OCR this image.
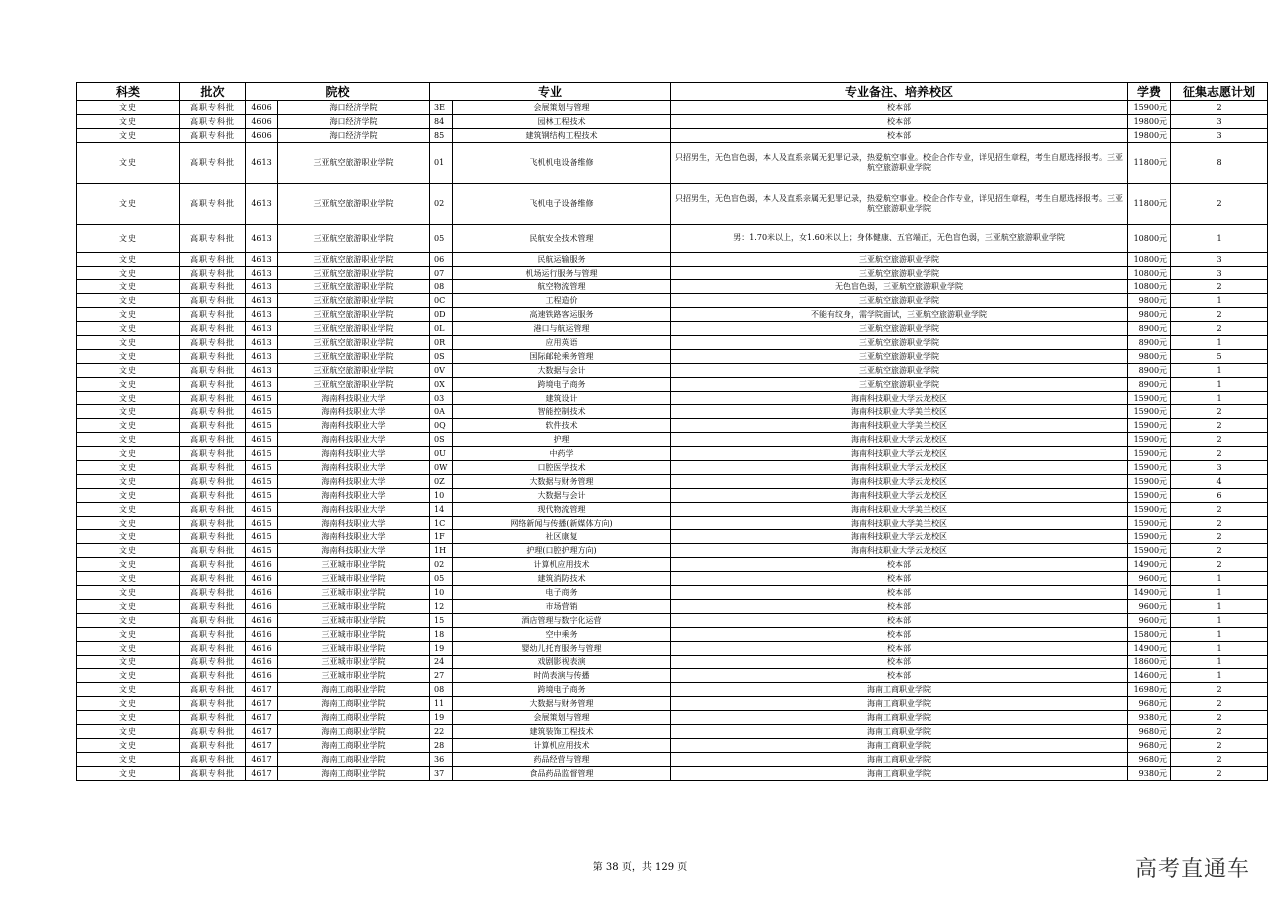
科类	批次	院校		专业		专业备注、培养校区	学费	征集志愿计划
文史	高职专科批	4606	海口经济学院	3E	会展策划与管理	校本部	15900元	2
文史	高职专科批	4606	海口经济学院	84	园林工程技术	校本部	19800元	3
文史	高职专科批	4606	海口经济学院	85	建筑钢结构工程技术	校本部	19800元	3
文史	高职专科批	4613	三亚航空旅游职业学院	01	飞机机电设备维修	只招男生，无色盲色弱，本人及直系亲属无犯罪记录，热爱航空事业。校企合作专业，详见招生章程，考生自愿选择报考。三亚航空旅游职业学院	11800元	8
文史	高职专科批	4613	三亚航空旅游职业学院	02	飞机电子设备维修	只招男生，无色盲色弱，本人及直系亲属无犯罪记录，热爱航空事业。校企合作专业，详见招生章程，考生自愿选择报考。三亚航空旅游职业学院	11800元	2
文史	高职专科批	4613	三亚航空旅游职业学院	05	民航安全技术管理	男：1.70米以上，女1.60米以上；身体健康、五官端正，无色盲色弱，三亚航空旅游职业学院	10800元	1
文史	高职专科批	4613	三亚航空旅游职业学院	06	民航运输服务	三亚航空旅游职业学院	10800元	3
文史	高职专科批	4613	三亚航空旅游职业学院	07	机场运行服务与管理	三亚航空旅游职业学院	10800元	3
文史	高职专科批	4613	三亚航空旅游职业学院	08	航空物流管理	无色盲色弱，三亚航空旅游职业学院	10800元	2
文史	高职专科批	4613	三亚航空旅游职业学院	0C	工程造价	三亚航空旅游职业学院	9800元	1
文史	高职专科批	4613	三亚航空旅游职业学院	0D	高速铁路客运服务	不能有纹身，需学院面试，三亚航空旅游职业学院	9800元	2
文史	高职专科批	4613	三亚航空旅游职业学院	0L	港口与航运管理	三亚航空旅游职业学院	8900元	2
文史	高职专科批	4613	三亚航空旅游职业学院	0R	应用英语	三亚航空旅游职业学院	8900元	1
文史	高职专科批	4613	三亚航空旅游职业学院	0S	国际邮轮乘务管理	三亚航空旅游职业学院	9800元	5
文史	高职专科批	4613	三亚航空旅游职业学院	0V	大数据与会计	三亚航空旅游职业学院	8900元	1
文史	高职专科批	4613	三亚航空旅游职业学院	0X	跨境电子商务	三亚航空旅游职业学院	8900元	1
文史	高职专科批	4615	海南科技职业大学	03	建筑设计	海南科技职业大学云龙校区	15900元	1
文史	高职专科批	4615	海南科技职业大学	0A	智能控制技术	海南科技职业大学美兰校区	15900元	2
文史	高职专科批	4615	海南科技职业大学	0Q	软件技术	海南科技职业大学美兰校区	15900元	2
文史	高职专科批	4615	海南科技职业大学	0S	护理	海南科技职业大学云龙校区	15900元	2
文史	高职专科批	4615	海南科技职业大学	0U	中药学	海南科技职业大学云龙校区	15900元	2
文史	高职专科批	4615	海南科技职业大学	0W	口腔医学技术	海南科技职业大学云龙校区	15900元	3
文史	高职专科批	4615	海南科技职业大学	0Z	大数据与财务管理	海南科技职业大学云龙校区	15900元	4
文史	高职专科批	4615	海南科技职业大学	10	大数据与会计	海南科技职业大学云龙校区	15900元	6
文史	高职专科批	4615	海南科技职业大学	14	现代物流管理	海南科技职业大学美兰校区	15900元	2
文史	高职专科批	4615	海南科技职业大学	1C	网络新闻与传播(新媒体方向)	海南科技职业大学美兰校区	15900元	2
文史	高职专科批	4615	海南科技职业大学	1F	社区康复	海南科技职业大学云龙校区	15900元	2
文史	高职专科批	4615	海南科技职业大学	1H	护理(口腔护理方向)	海南科技职业大学云龙校区	15900元	2
文史	高职专科批	4616	三亚城市职业学院	02	计算机应用技术	校本部	14900元	2
文史	高职专科批	4616	三亚城市职业学院	05	建筑消防技术	校本部	9600元	1
文史	高职专科批	4616	三亚城市职业学院	10	电子商务	校本部	14900元	1
文史	高职专科批	4616	三亚城市职业学院	12	市场营销	校本部	9600元	1
文史	高职专科批	4616	三亚城市职业学院	15	酒店管理与数字化运营	校本部	9600元	1
文史	高职专科批	4616	三亚城市职业学院	18	空中乘务	校本部	15800元	1
文史	高职专科批	4616	三亚城市职业学院	19	婴幼儿托育服务与管理	校本部	14900元	1
文史	高职专科批	4616	三亚城市职业学院	24	戏剧影视表演	校本部	18600元	1
文史	高职专科批	4616	三亚城市职业学院	27	时尚表演与传播	校本部	14600元	1
文史	高职专科批	4617	海南工商职业学院	08	跨境电子商务	海南工商职业学院	16980元	2
文史	高职专科批	4617	海南工商职业学院	11	大数据与财务管理	海南工商职业学院	9680元	2
文史	高职专科批	4617	海南工商职业学院	19	会展策划与管理	海南工商职业学院	9380元	2
文史	高职专科批	4617	海南工商职业学院	22	建筑装饰工程技术	海南工商职业学院	9680元	2
文史	高职专科批	4617	海南工商职业学院	28	计算机应用技术	海南工商职业学院	9680元	2
文史	高职专科批	4617	海南工商职业学院	36	药品经营与管理	海南工商职业学院	9680元	2
文史	高职专科批	4617	海南工商职业学院	37	食品药品监督管理	海南工商职业学院	9380元	2
第 38 页，共 129 页	高考直通车
